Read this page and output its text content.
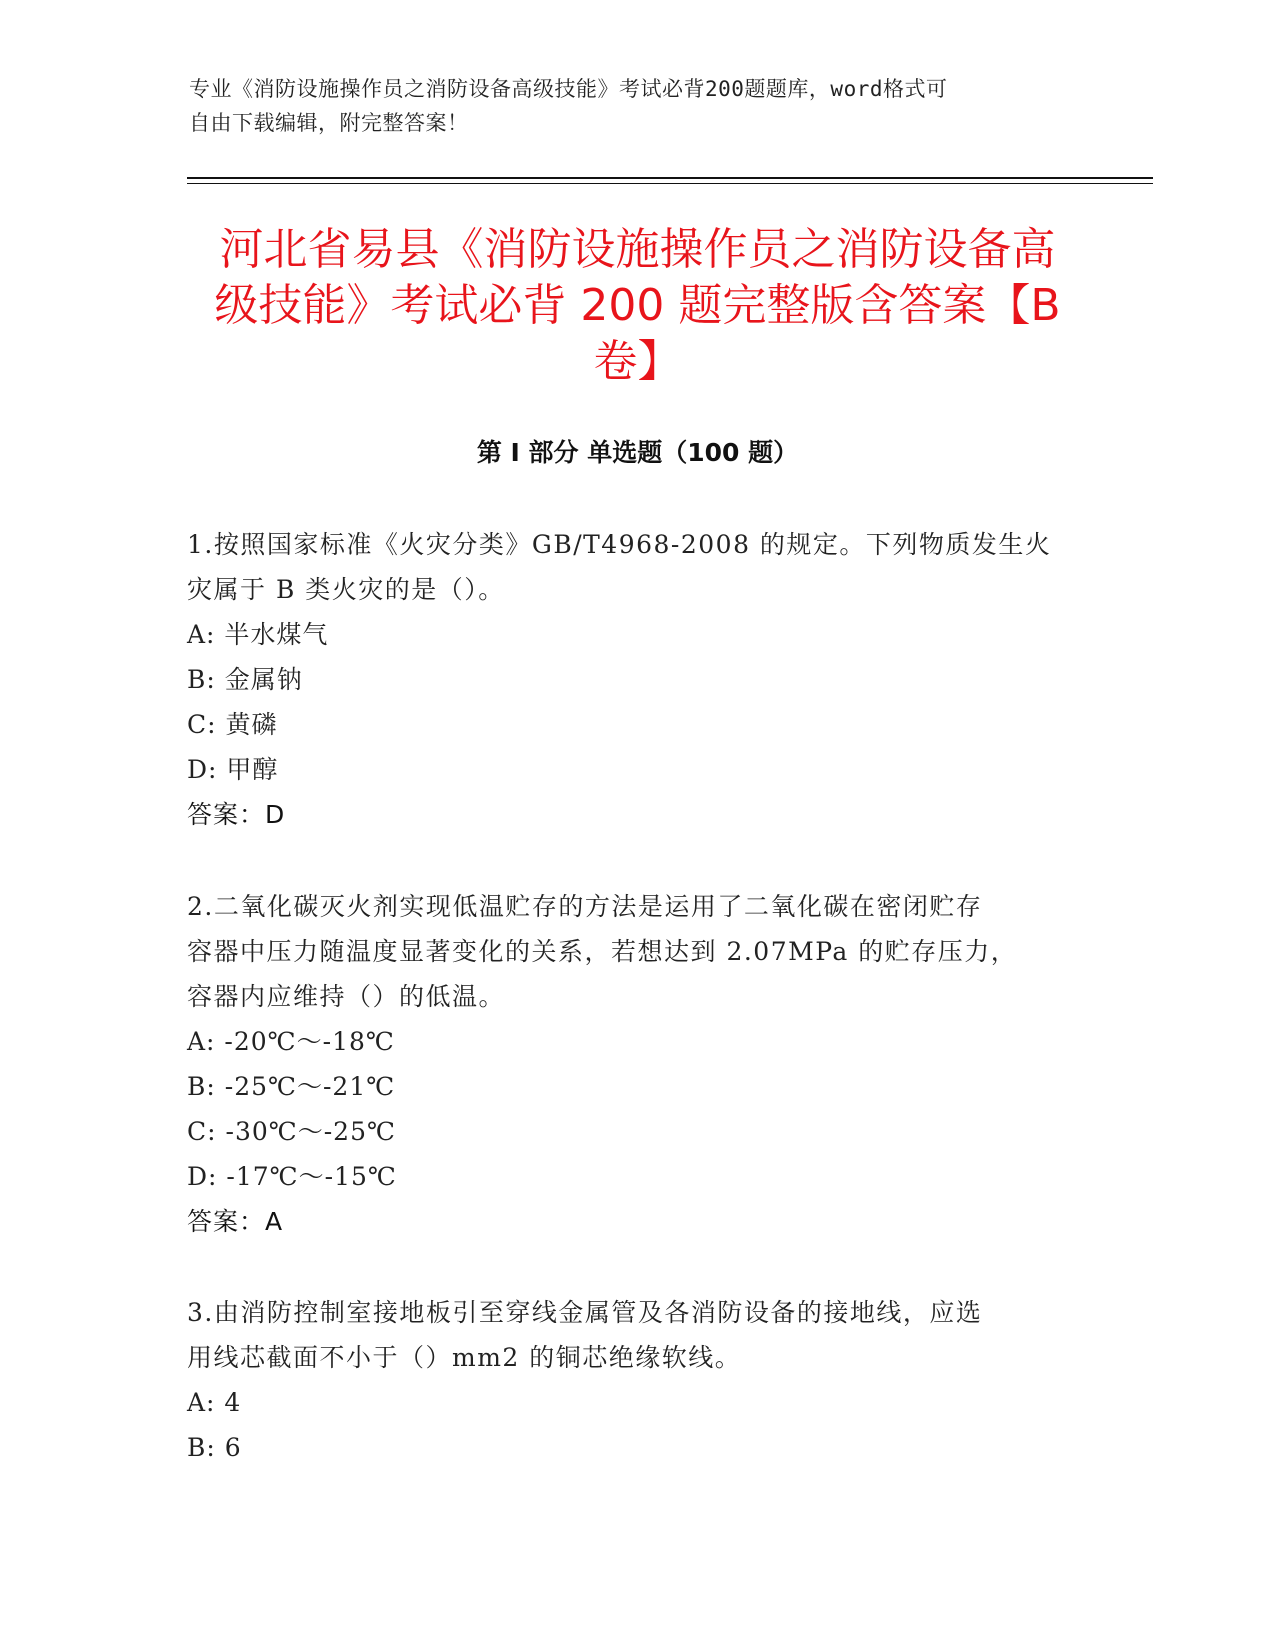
专业《消防设施操作员之消防设备高级技能》考试必背200题题库，word格式可
自由下载编辑，附完整答案！
河北省易县《消防设施操作员之消防设备高
级技能》考试必背 200 题完整版含答案【B
卷】
第 I 部分 单选题（100 题）
1.按照国家标准《火灾分类》GB/T4968-2008 的规定。下列物质发生火
灾属于 B 类火灾的是（）。
A: 半水煤气
B: 金属钠
C: 黄磷
D: 甲醇
答案：D
2.二氧化碳灭火剂实现低温贮存的方法是运用了二氧化碳在密闭贮存
容器中压力随温度显著变化的关系，若想达到 2.07MPa 的贮存压力，
容器内应维持（）的低温。
A: -20℃～-18℃
B: -25℃～-21℃
C: -30℃～-25℃
D: -17℃～-15℃
答案：A
3.由消防控制室接地板引至穿线金属管及各消防设备的接地线，应选
用线芯截面不小于（）mm2 的铜芯绝缘软线。
A: 4
B: 6
